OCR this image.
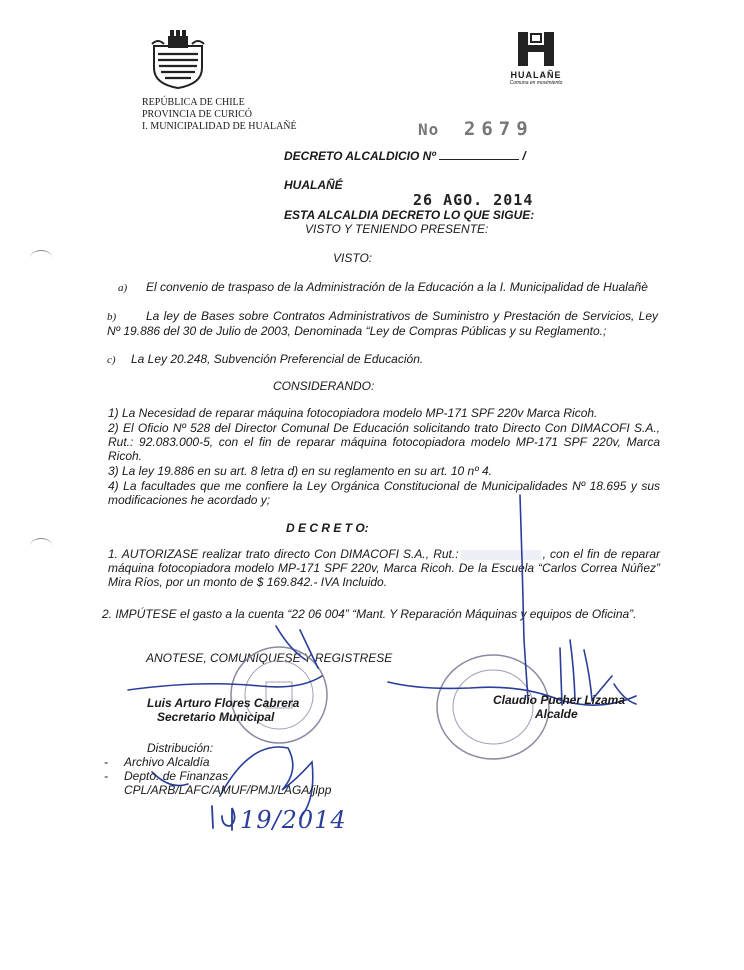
HUALAÑE
Comuna en movimiento
REPÚBLICA DE CHILE
PROVINCIA DE CURICÓ
I. MUNICIPALIDAD DE HUALAÑÉ	No 2679
DECRETO ALCALDICIO Nº	/
HUALAÑÉ
26 AGO. 2014
ESTA ALCALDIA DECRETO LO QUE SIGUE:
VISTO Y TENIENDO PRESENTE:
VISTO:
a) El convenio de traspaso de la Administración de la Educación a la I. Municipalidad de Hualañè
b) La ley de Bases sobre Contratos Administrativos de Suministro y Prestación de Servicios, Ley Nº 19.886 del 30 de Julio de 2003, Denominada “Ley de Compras Públicas y su Reglamento.;
c) La Ley 20.248, Subvención Preferencial de Educación.
CONSIDERANDO:
1) La Necesidad de reparar máquina fotocopiadora modelo MP-171 SPF 220v Marca Ricoh.
2) El Oficio Nº 528 del Director Comunal De Educación solicitando trato Directo Con DIMACOFI S.A., Rut.: 92.083.000-5, con el fin de reparar máquina fotocopiadora modelo MP-171 SPF 220v, Marca Ricoh.
3) La ley 19.886 en su art. 8 letra d) en su reglamento en su art. 10 nº 4.
4) La facultades que me confiere la Ley Orgánica Constitucional de Municipalidades Nº 18.695 y sus modificaciones he acordado y;
D E C R E T O:
1. AUTORIZASE realizar trato directo Con DIMACOFI S.A., Rut.:	, con el fin de reparar máquina fotocopiadora modelo MP-171 SPF 220v, Marca Ricoh. De la Escuela “Carlos Correa Núñez” Mira Ríos, por un monto de $ 169.842.- IVA Incluido.
2. IMPÚTESE el gasto a la cuenta “22 06 004” “Mant. Y Reparación Máquinas y equipos de Oficina”.
ANOTESE, COMUNIQUESE Y REGISTRESE
Luis Arturo Flores Cabrera
Secretario Municipal
Claudio Pucher Lizama
Alcalde
Distribución:
- Archivo Alcaldía
- Depto. de Finanzas
CPL/ARB/LAFC/AMUF/PMJ/LAGA/jlpp
19/2014
